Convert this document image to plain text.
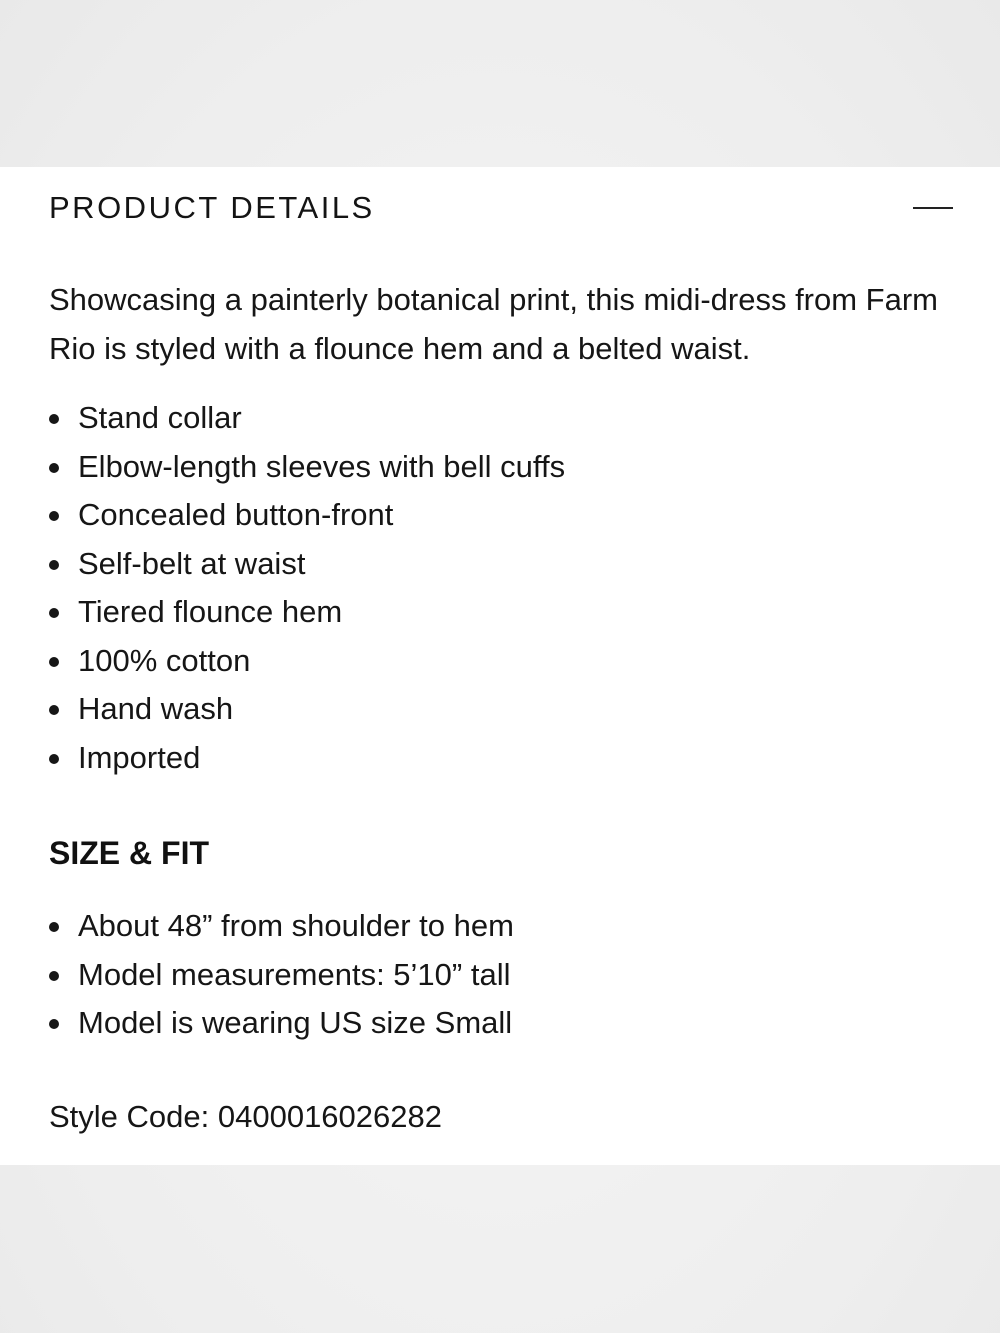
PRODUCT DETAILS
Showcasing a painterly botanical print, this midi-dress from Farm Rio is styled with a flounce hem and a belted waist.
Stand collar
Elbow-length sleeves with bell cuffs
Concealed button-front
Self-belt at waist
Tiered flounce hem
100% cotton
Hand wash
Imported
SIZE & FIT
About 48” from shoulder to hem
Model measurements: 5’10” tall
Model is wearing US size Small
Style Code: 0400016026282
